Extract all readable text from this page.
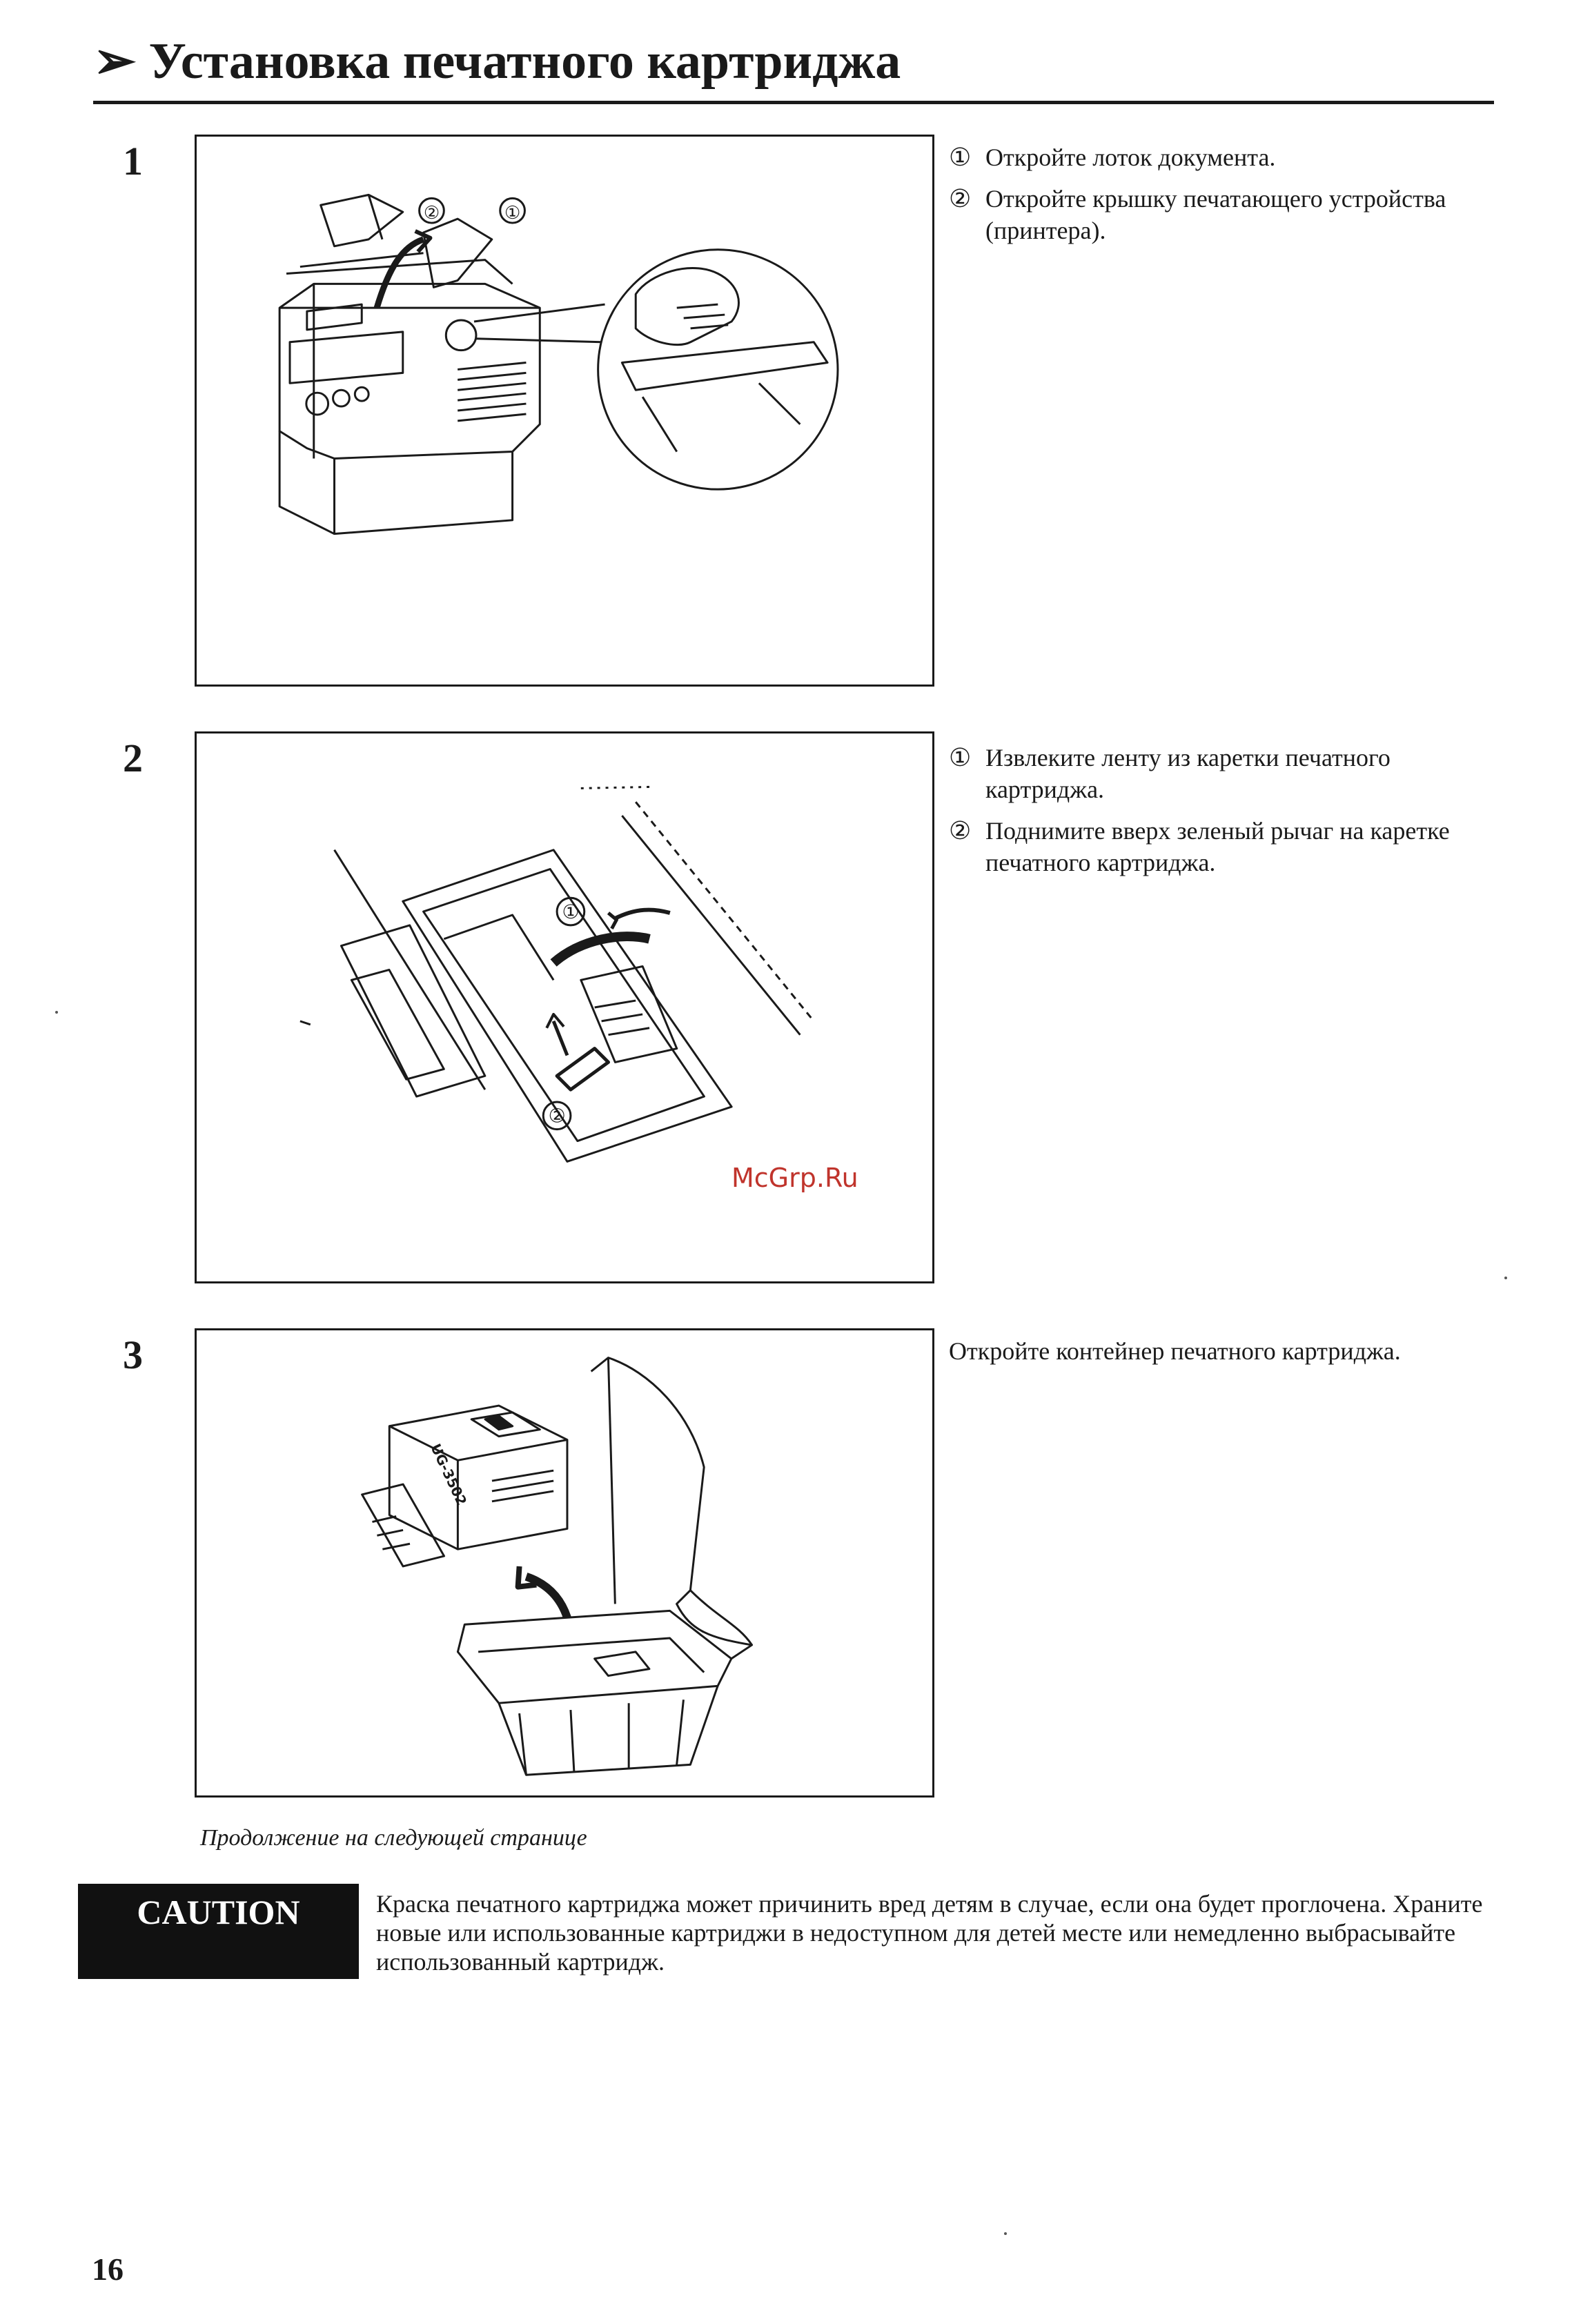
➢ Установка печатного картриджа
1
②	①
① Откройте лоток документа.
② Откройте крышку печатающего устройства (принтера).
2
①
②
① Извлеките ленту из каретки печатного картриджа.
② Поднимите вверх зеленый рычаг на каретке печатного картриджа.
McGrp.Ru
3
UG-3502
Откройте контейнер печатного картриджа.
Продолжение на следующей странице
CAUTION	Краска печатного картриджа может причинить вред детям в случае, если она будет проглочена. Храните новые или использованные картриджи в недоступном для детей месте или немедленно выбрасывайте использованный картридж.
16
